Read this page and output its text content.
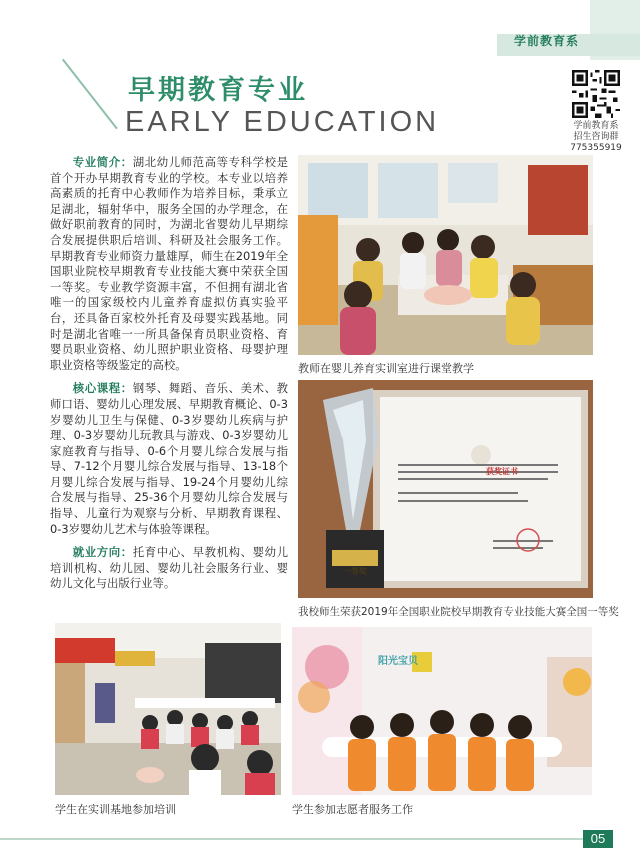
学前教育系
早期教育专业
EARLY EDUCATION	学前教育系
招生咨询群
775355919

专业简介：湖北幼儿师范高等专科学校是首个开办早期教育专业的学校。本专业以培养高素质的托育中心教师作为培养目标，秉承立足湖北，辐射华中，服务全国的办学理念，在做好职前教育的同时，为湖北省婴幼儿早期综合发展提供职后培训、科研及社会服务工作。早期教育专业师资力量雄厚，师生在2019年全国职业院校早期教育专业技能大赛中荣获全国一等奖。专业教学资源丰富，不但拥有湖北省唯一的国家级校内儿童养育虚拟仿真实验平台，还具备百家校外托育及母婴实践基地。同时是湖北省唯一一所具备保育员职业资格、育婴员职业资格、幼儿照护职业资格、母婴护理职业资格等级鉴定的高校。

核心课程：钢琴、舞蹈、音乐、美术、教师口语、婴幼儿心理发展、早期教育概论、0-3岁婴幼儿卫生与保健、0-3岁婴幼儿疾病与护理、0-3岁婴幼儿玩教具与游戏、0-3岁婴幼儿家庭教育与指导、0-6个月婴儿综合发展与指导、7-12个月婴儿综合发展与指导、13-18个月婴儿综合发展与指导、19-24个月婴幼儿综合发展与指导、25-36个月婴幼儿综合发展与指导、儿童行为观察与分析、早期教育课程、0-3岁婴幼儿艺术与体验等课程。

就业方向：托育中心、早教机构、婴幼儿培训机构、幼儿园、婴幼儿社会服务行业、婴幼儿文化与出版行业等。

教师在婴儿养育实训室进行课堂教学
获奖证书
一等奖
我校师生荣获2019年全国职业院校早期教育专业技能大赛全国一等奖
学生在实训基地参加培训
阳光宝贝
学生参加志愿者服务工作
05
